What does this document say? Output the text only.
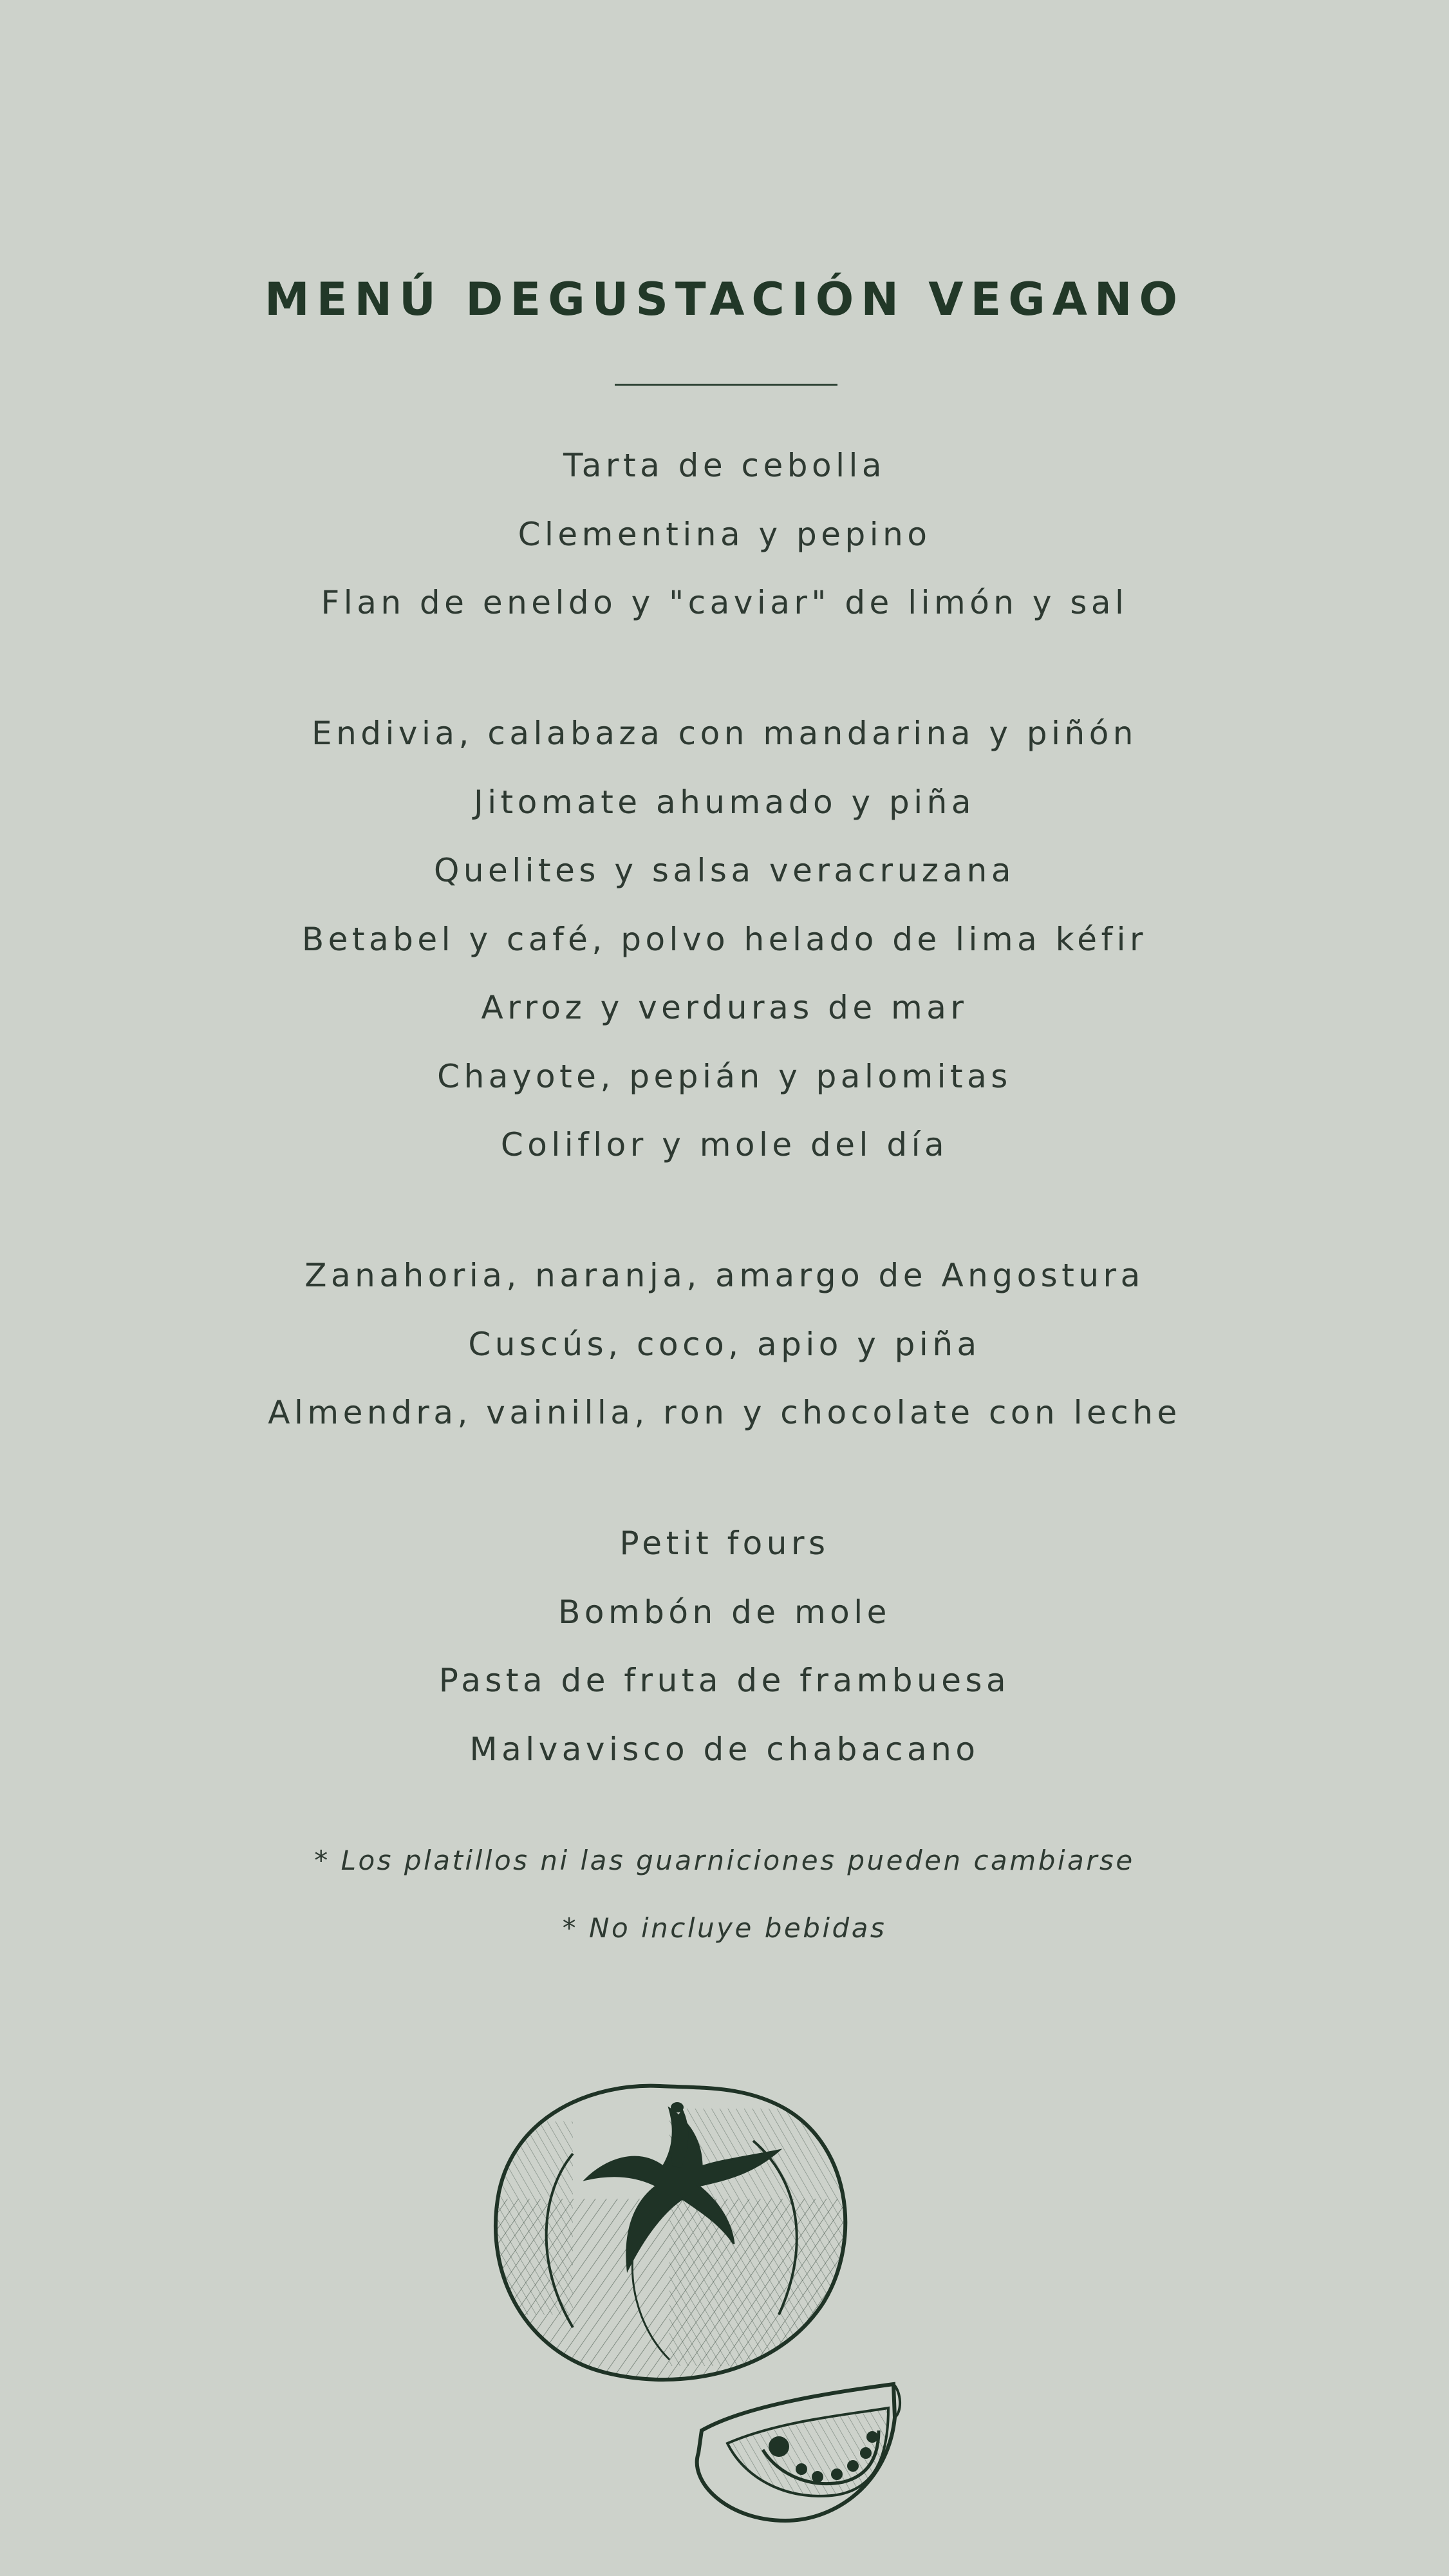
MENÚ DEGUSTACIÓN VEGANO
Tarta de cebolla
Clementina y pepino
Flan de eneldo y "caviar" de limón y sal
Endivia, calabaza con mandarina y piñón
Jitomate ahumado y piña
Quelites y salsa veracruzana
Betabel y café, polvo helado de lima kéfir
Arroz y verduras de mar
Chayote, pepián y palomitas
Coliflor y mole del día
Zanahoria, naranja, amargo de Angostura
Cuscús, coco, apio y piña
Almendra, vainilla, ron y chocolate con leche
Petit fours
Bombón de mole
Pasta de fruta de frambuesa
Malvavisco de chabacano
* Los platillos ni las guarniciones pueden cambiarse
* No incluye bebidas
